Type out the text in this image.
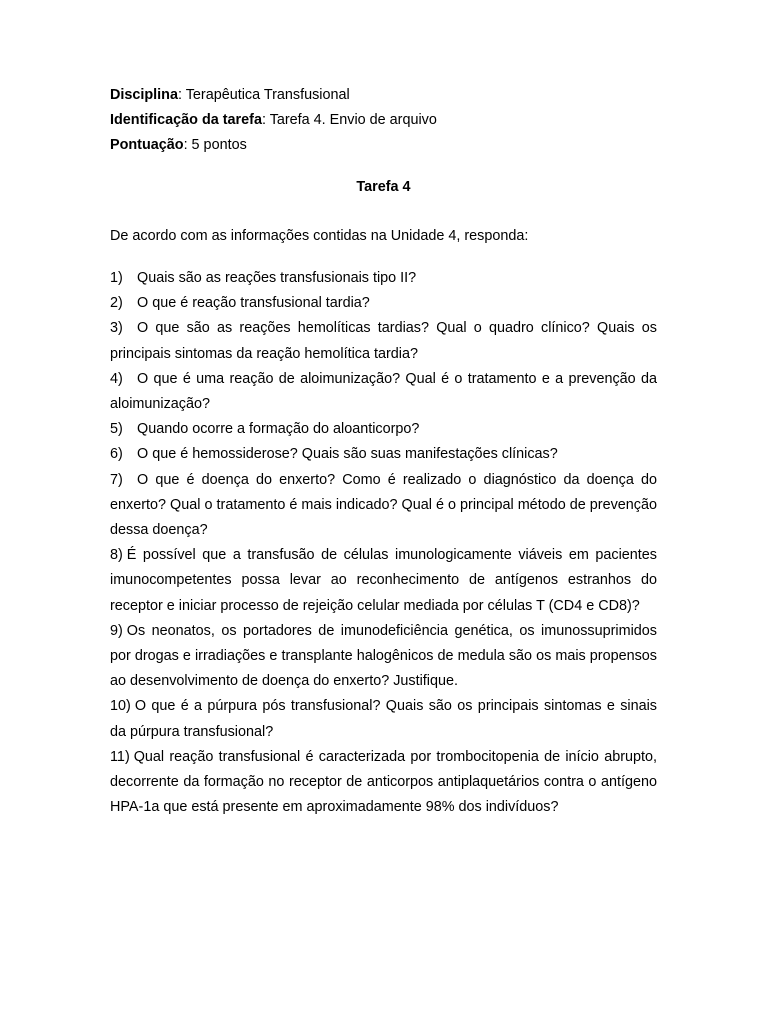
Disciplina: Terapêutica Transfusional
Identificação da tarefa: Tarefa 4. Envio de arquivo
Pontuação: 5 pontos
Tarefa 4
De acordo com as informações contidas na Unidade 4, responda:

1) Quais são as reações transfusionais tipo II?

2) O que é reação transfusional tardia?

3) O que são as reações hemolíticas tardias? Qual o quadro clínico? Quais os principais sintomas da reação hemolítica tardia?

4) O que é uma reação de aloimunização? Qual é o tratamento e a prevenção da aloimunização?

5) Quando ocorre a formação do aloanticorpo?

6) O que é hemossiderose? Quais são suas manifestações clínicas?

7) O que é doença do enxerto? Como é realizado o diagnóstico da doença do enxerto? Qual o tratamento é mais indicado? Qual é o principal método de prevenção dessa doença?

8) É possível que a transfusão de células imunologicamente viáveis em pacientes imunocompetentes possa levar ao reconhecimento de antígenos estranhos do receptor e iniciar processo de rejeição celular mediada por células T (CD4 e CD8)?

9) Os neonatos, os portadores de imunodeficiência genética, os imunossuprimidos por drogas e irradiações e transplante halogênicos de medula são os mais propensos ao desenvolvimento de doença do enxerto? Justifique.

10) O que é a púrpura pós transfusional? Quais são os principais sintomas e sinais da púrpura transfusional?

11) Qual reação transfusional é caracterizada por trombocitopenia de início abrupto, decorrente da formação no receptor de anticorpos antiplaquetários contra o antígeno HPA-1a que está presente em aproximadamente 98% dos indivíduos?
